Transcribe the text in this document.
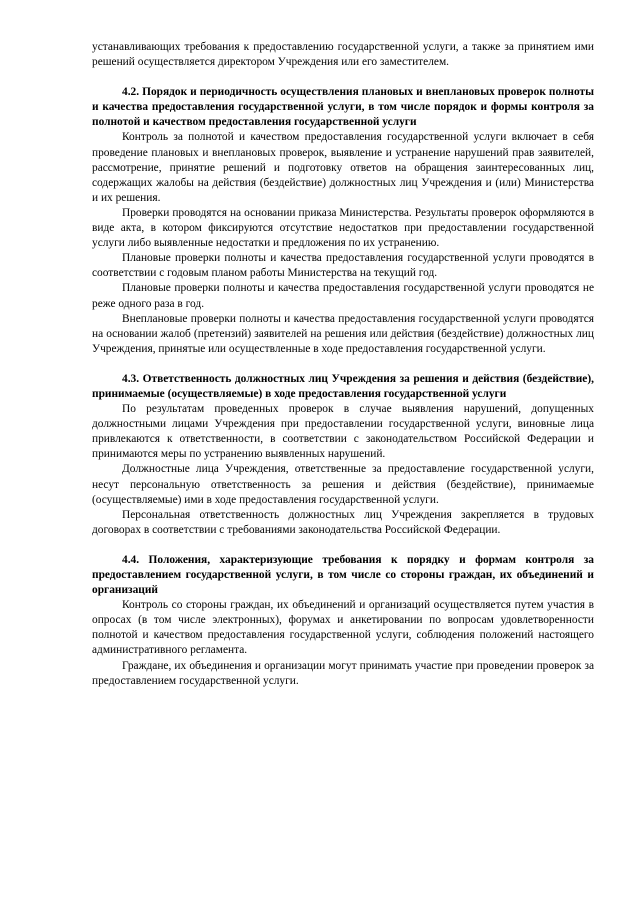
устанавливающих требования к предоставлению государственной услуги, а также за принятием ими решений осуществляется директором Учреждения или его заместителем.

4.2. Порядок и периодичность осуществления плановых и внеплановых проверок полноты и качества предоставления государственной услуги, в том числе порядок и формы контроля за полнотой и качеством предоставления государственной услуги

Контроль за полнотой и качеством предоставления государственной услуги включает в себя проведение плановых и внеплановых проверок, выявление и устранение нарушений прав заявителей, рассмотрение, принятие решений и подготовку ответов на обращения заинтересованных лиц, содержащих жалобы на действия (бездействие) должностных лиц Учреждения и (или) Министерства и их решения.

Проверки проводятся на основании приказа Министерства. Результаты проверок оформляются в виде акта, в котором фиксируются отсутствие недостатков при предоставлении государственной услуги либо выявленные недостатки и предложения по их устранению.

Плановые проверки полноты и качества предоставления государственной услуги проводятся в соответствии с годовым планом работы Министерства на текущий год.

Плановые проверки полноты и качества предоставления государственной услуги проводятся не реже одного раза в год.

Внеплановые проверки полноты и качества предоставления государственной услуги проводятся на основании жалоб (претензий) заявителей на решения или действия (бездействие) должностных лиц Учреждения, принятые или осуществленные в ходе предоставления государственной услуги.

4.3. Ответственность должностных лиц Учреждения за решения и действия (бездействие), принимаемые (осуществляемые) в ходе предоставления государственной услуги

По результатам проведенных проверок в случае выявления нарушений, допущенных должностными лицами Учреждения при предоставлении государственной услуги, виновные лица привлекаются к ответственности, в соответствии с законодательством Российской Федерации и принимаются меры по устранению выявленных нарушений.

Должностные лица Учреждения, ответственные за предоставление государственной услуги, несут персональную ответственность за решения и действия (бездействие), принимаемые (осуществляемые) ими в ходе предоставления государственной услуги.

Персональная ответственность должностных лиц Учреждения закрепляется в трудовых договорах в соответствии с требованиями законодательства Российской Федерации.

4.4. Положения, характеризующие требования к порядку и формам контроля за предоставлением государственной услуги, в том числе со стороны граждан, их объединений и организаций

Контроль со стороны граждан, их объединений и организаций осуществляется путем участия в опросах (в том числе электронных), форумах и анкетировании по вопросам удовлетворенности полнотой и качеством предоставления государственной услуги, соблюдения положений настоящего административного регламента.

Граждане, их объединения и организации могут принимать участие при проведении проверок за предоставлением государственной услуги.
